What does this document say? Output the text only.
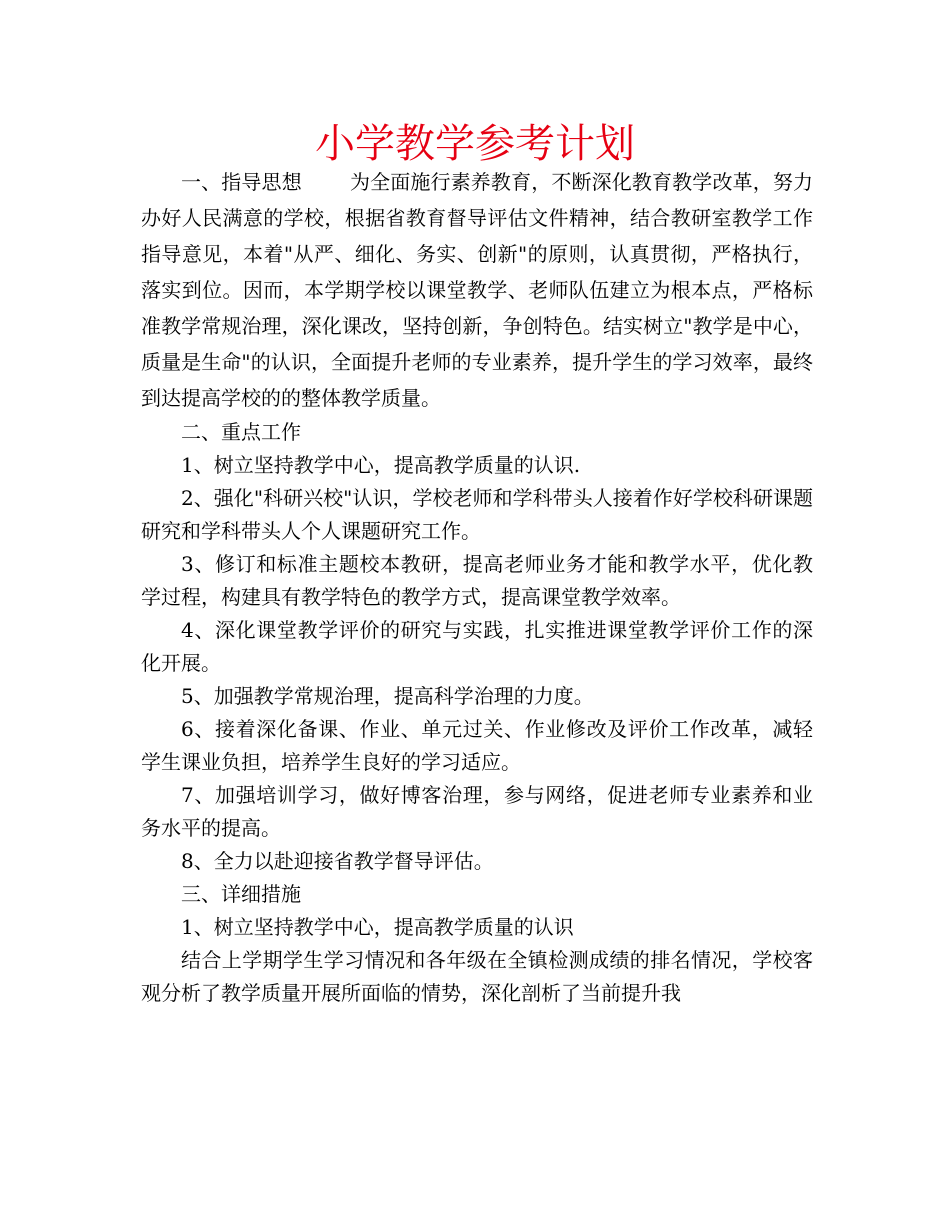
小学教学参考计划

一、指导思想 为全面施行素养教育，不断深化教育教学改革，努力办好人民满意的学校，根据省教育督导评估文件精神，结合教研室教学工作指导意见，本着"从严、细化、务实、创新"的原则，认真贯彻，严格执行，落实到位。因而，本学期学校以课堂教学、老师队伍建立为根本点，严格标准教学常规治理，深化课改，坚持创新，争创特色。结实树立"教学是中心，质量是生命"的认识，全面提升老师的专业素养，提升学生的学习效率，最终到达提高学校的的整体教学质量。

二、重点工作

1、树立坚持教学中心，提高教学质量的认识.

2、强化"科研兴校"认识，学校老师和学科带头人接着作好学校科研课题研究和学科带头人个人课题研究工作。

3、修订和标准主题校本教研，提高老师业务才能和教学水平，优化教学过程，构建具有教学特色的教学方式，提高课堂教学效率。

4、深化课堂教学评价的研究与实践，扎实推进课堂教学评价工作的深化开展。

5、加强教学常规治理，提高科学治理的力度。

6、接着深化备课、作业、单元过关、作业修改及评价工作改革，减轻学生课业负担，培养学生良好的学习适应。

7、加强培训学习，做好博客治理，参与网络，促进老师专业素养和业务水平的提高。

8、全力以赴迎接省教学督导评估。

三、详细措施

1、树立坚持教学中心，提高教学质量的认识

结合上学期学生学习情况和各年级在全镇检测成绩的排名情况，学校客观分析了教学质量开展所面临的情势，深化剖析了当前提升我
